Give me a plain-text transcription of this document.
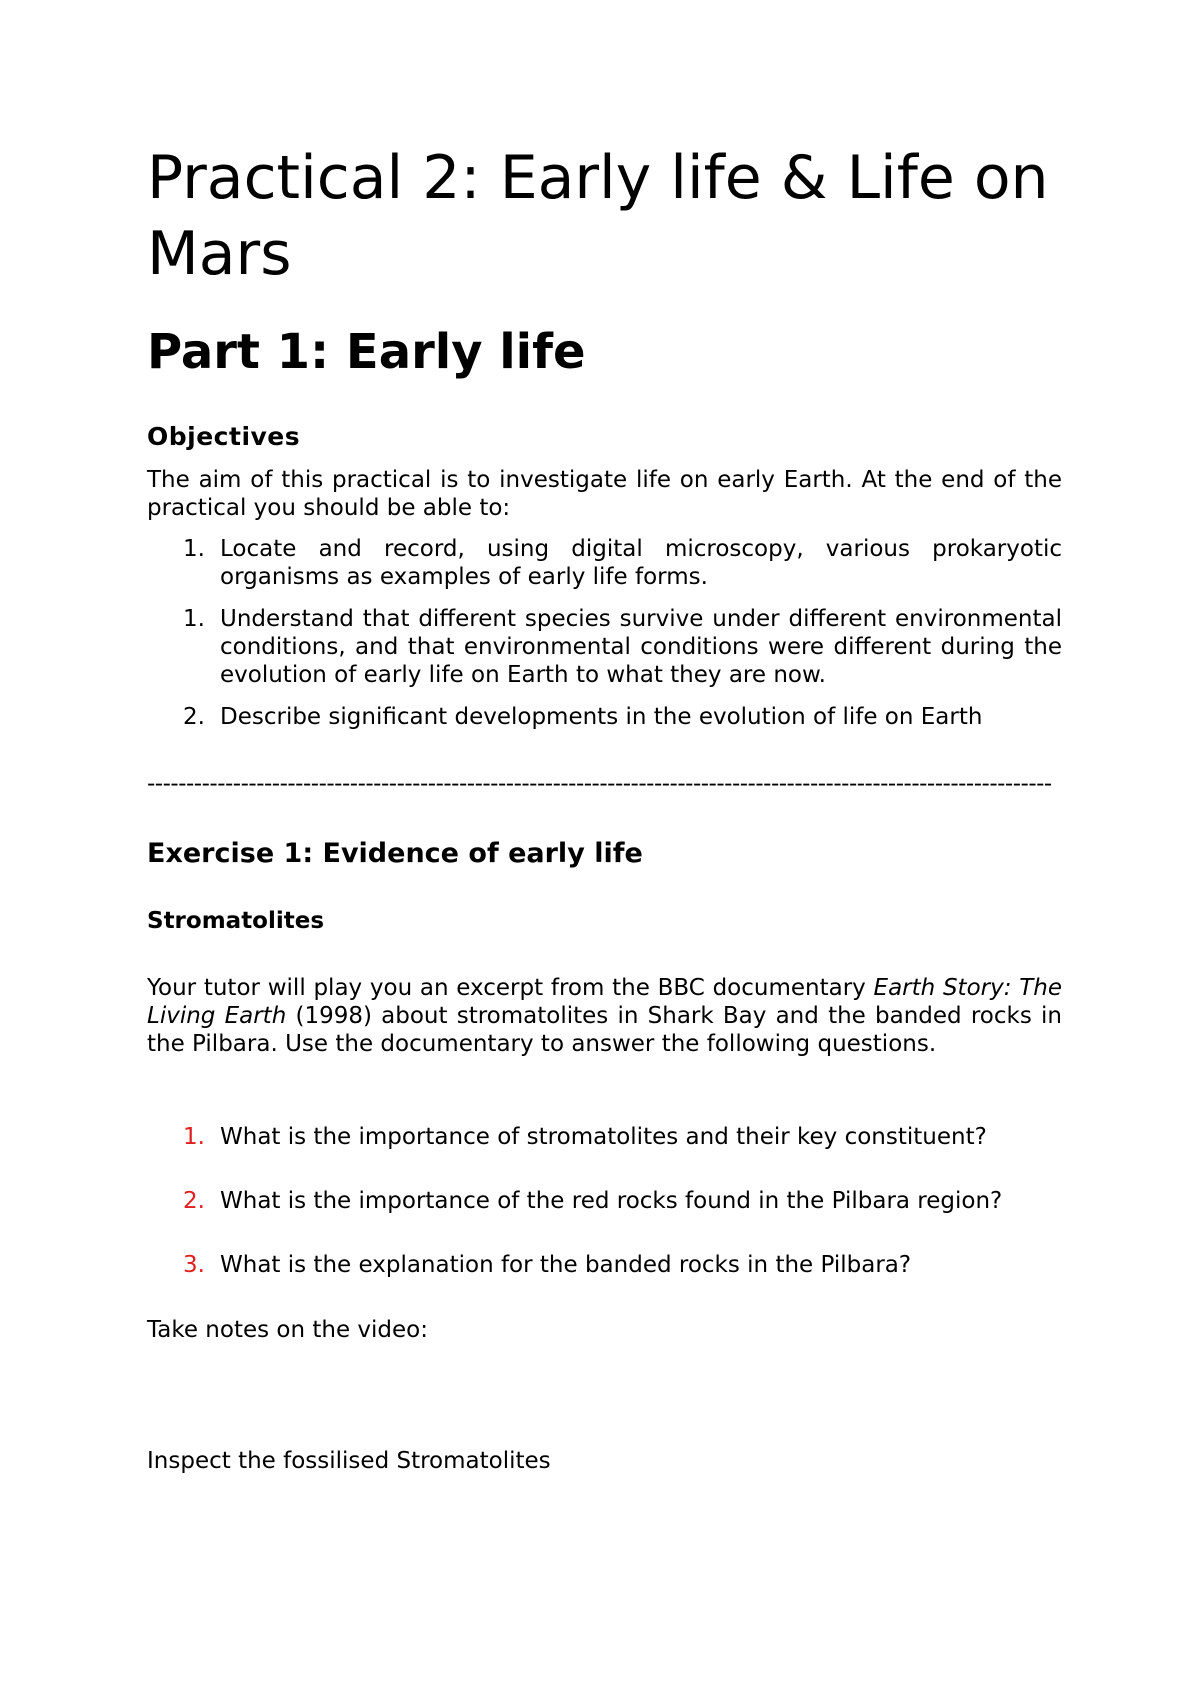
Practical 2: Early life & Life on Mars
Part 1: Early life
Objectives

The aim of this practical is to investigate life on early Earth. At the end of the practical you should be able to:

1. Locate and record, using digital microscopy, various prokaryotic organisms as examples of early life forms.
1. Understand that different species survive under different environmental conditions, and that environmental conditions were different during the evolution of early life on Earth to what they are now.
2. Describe significant developments in the evolution of life on Earth
--------------------------------------------------------------------------------------------------------------------
Exercise 1: Evidence of early life
Stromatolites

Your tutor will play you an excerpt from the BBC documentary Earth Story: The Living Earth (1998) about stromatolites in Shark Bay and the banded rocks in the Pilbara. Use the documentary to answer the following questions.

1. What is the importance of stromatolites and their key constituent?
2. What is the importance of the red rocks found in the Pilbara region?
3. What is the explanation for the banded rocks in the Pilbara?

Take notes on the video:

Inspect the fossilised Stromatolites
